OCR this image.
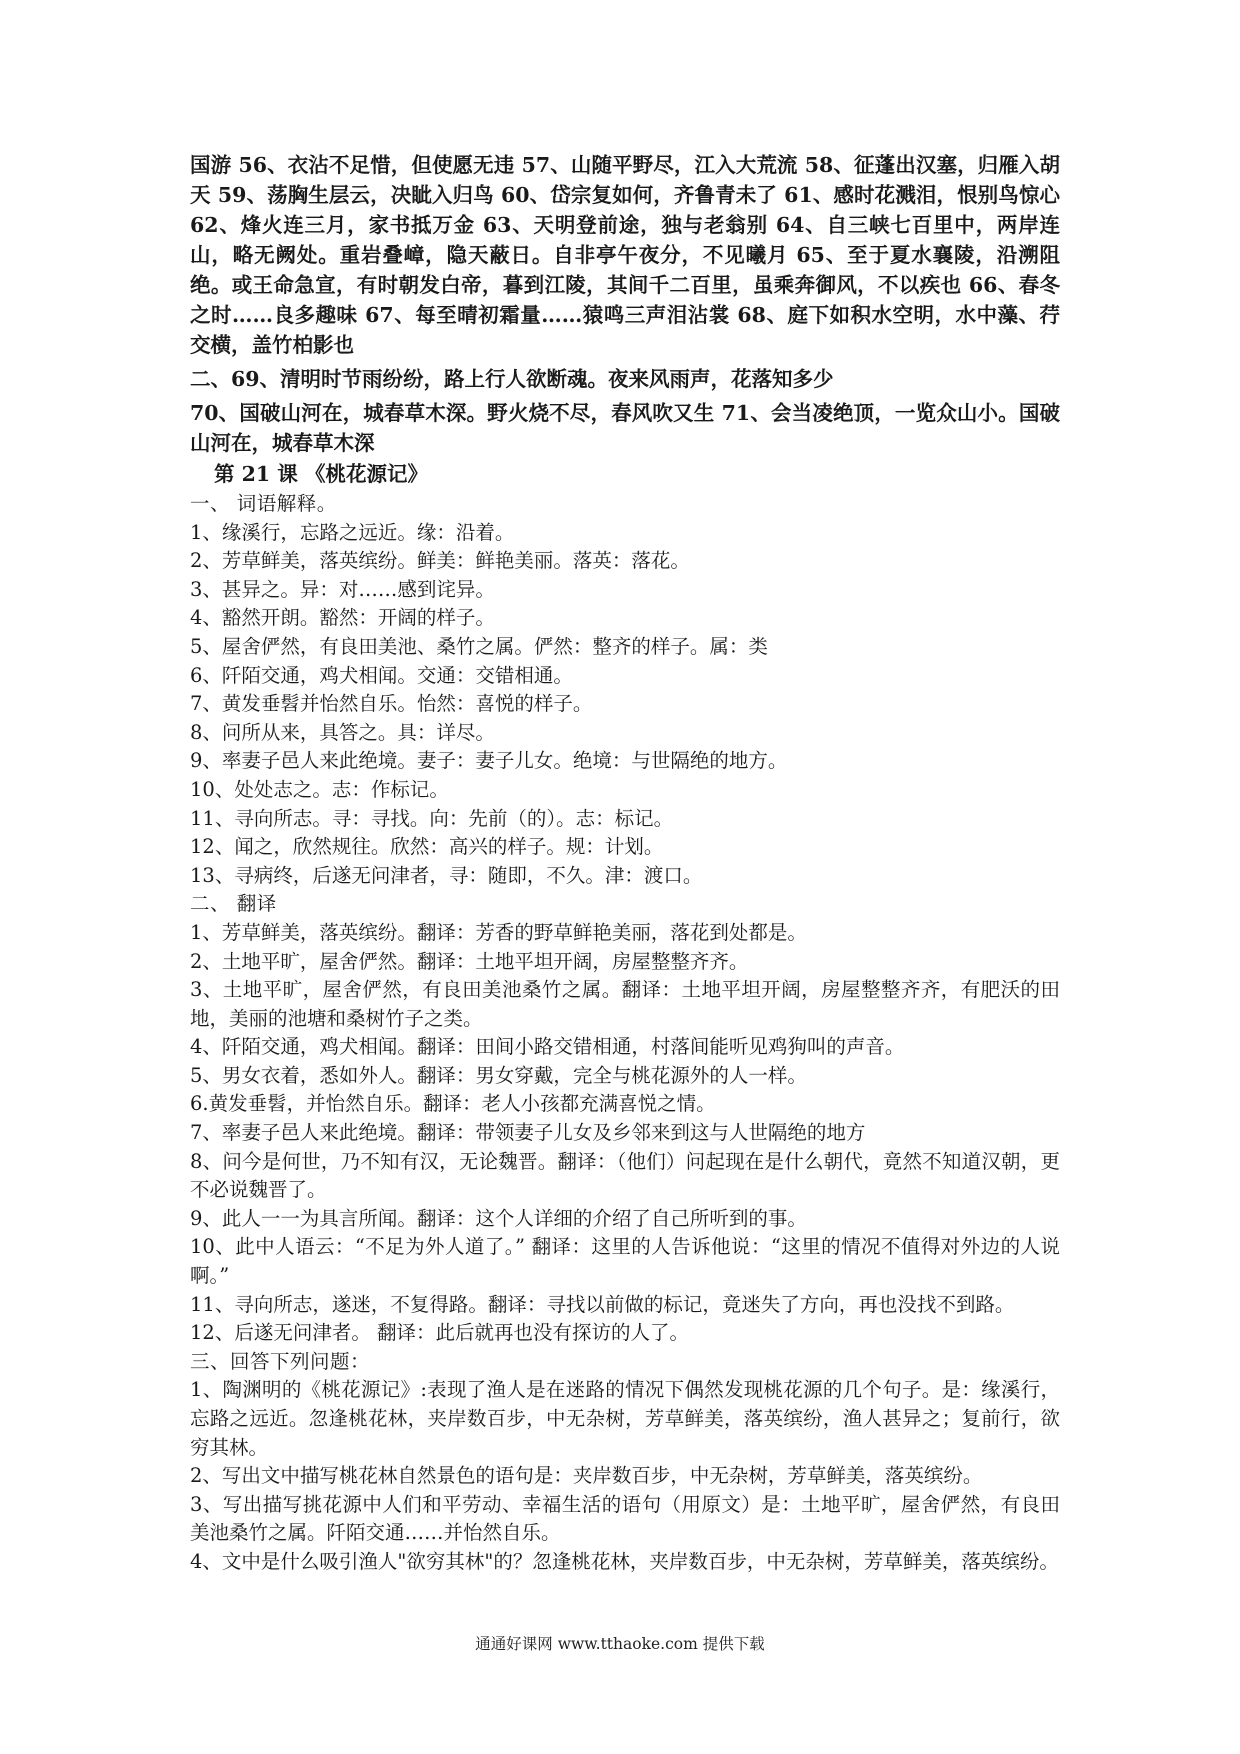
国游 56、衣沾不足惜，但使愿无违 57、山随平野尽，江入大荒流 58、征蓬出汉塞，归雁入胡天 59、荡胸生层云，决眦入归鸟 60、岱宗复如何，齐鲁青未了 61、感时花溅泪，恨别鸟惊心 62、烽火连三月，家书抵万金 63、天明登前途，独与老翁别 64、自三峡七百里中，两岸连山，略无阙处。重岩叠嶂，隐天蔽日。自非亭午夜分，不见曦月 65、至于夏水襄陵，沿溯阻绝。或王命急宣，有时朝发白帝，暮到江陵，其间千二百里，虽乘奔御风，不以疾也 66、春冬之时……良多趣味 67、每至晴初霜量……猿鸣三声泪沾裳 68、庭下如积水空明，水中藻、荇交横，盖竹柏影也

二、69、清明时节雨纷纷，路上行人欲断魂。夜来风雨声，花落知多少

70、国破山河在，城春草木深。野火烧不尽，春风吹又生 71、会当凌绝顶，一览众山小。国破山河在，城春草木深

第 21 课 《桃花源记》

一、 词语解释。

1、缘溪行，忘路之远近。缘：沿着。

2、芳草鲜美，落英缤纷。鲜美：鲜艳美丽。落英：落花。

3、甚异之。异：对……感到诧异。

4、豁然开朗。豁然：开阔的样子。

5、屋舍俨然，有良田美池、桑竹之属。俨然：整齐的样子。属：类

6、阡陌交通，鸡犬相闻。交通：交错相通。

7、黄发垂髫并怡然自乐。怡然：喜悦的样子。

8、问所从来，具答之。具：详尽。

9、率妻子邑人来此绝境。妻子：妻子儿女。绝境：与世隔绝的地方。

10、处处志之。志：作标记。

11、寻向所志。寻：寻找。向：先前（的）。志：标记。

12、闻之，欣然规往。欣然：高兴的样子。规：计划。

13、寻病终，后遂无问津者，寻：随即，不久。津：渡口。

二、 翻译

1、芳草鲜美，落英缤纷。翻译：芳香的野草鲜艳美丽，落花到处都是。

2、土地平旷，屋舍俨然。翻译：土地平坦开阔，房屋整整齐齐。

3、土地平旷，屋舍俨然，有良田美池桑竹之属。翻译：土地平坦开阔，房屋整整齐齐，有肥沃的田地，美丽的池塘和桑树竹子之类。

4、阡陌交通，鸡犬相闻。翻译：田间小路交错相通，村落间能听见鸡狗叫的声音。

5、男女衣着，悉如外人。翻译：男女穿戴，完全与桃花源外的人一样。

6.黄发垂髫，并怡然自乐。翻译：老人小孩都充满喜悦之情。

7、率妻子邑人来此绝境。翻译：带领妻子儿女及乡邻来到这与人世隔绝的地方

8、问今是何世，乃不知有汉，无论魏晋。翻译：（他们）问起现在是什么朝代，竟然不知道汉朝，更不必说魏晋了。

9、此人一一为具言所闻。翻译：这个人详细的介绍了自己所听到的事。

10、此中人语云：“不足为外人道了。” 翻译：这里的人告诉他说：“这里的情况不值得对外边的人说啊。”

11、寻向所志，遂迷，不复得路。翻译：寻找以前做的标记，竟迷失了方向，再也没找不到路。

12、后遂无问津者。 翻译：此后就再也没有探访的人了。

三、回答下列问题：

1、陶渊明的《桃花源记》:表现了渔人是在迷路的情况下偶然发现桃花源的几个句子。是：缘溪行，忘路之远近。忽逢桃花林，夹岸数百步，中无杂树，芳草鲜美，落英缤纷，渔人甚异之；复前行，欲穷其林。

2、写出文中描写桃花林自然景色的语句是：夹岸数百步，中无杂树，芳草鲜美，落英缤纷。

3、写出描写挑花源中人们和平劳动、幸福生活的语句（用原文）是：土地平旷，屋舍俨然，有良田美池桑竹之属。阡陌交通……并怡然自乐。

4、文中是什么吸引渔人"欲穷其林"的？忽逢桃花林，夹岸数百步，中无杂树，芳草鲜美，落英缤纷。

通通好课网 www.tthaoke.com 提供下载
